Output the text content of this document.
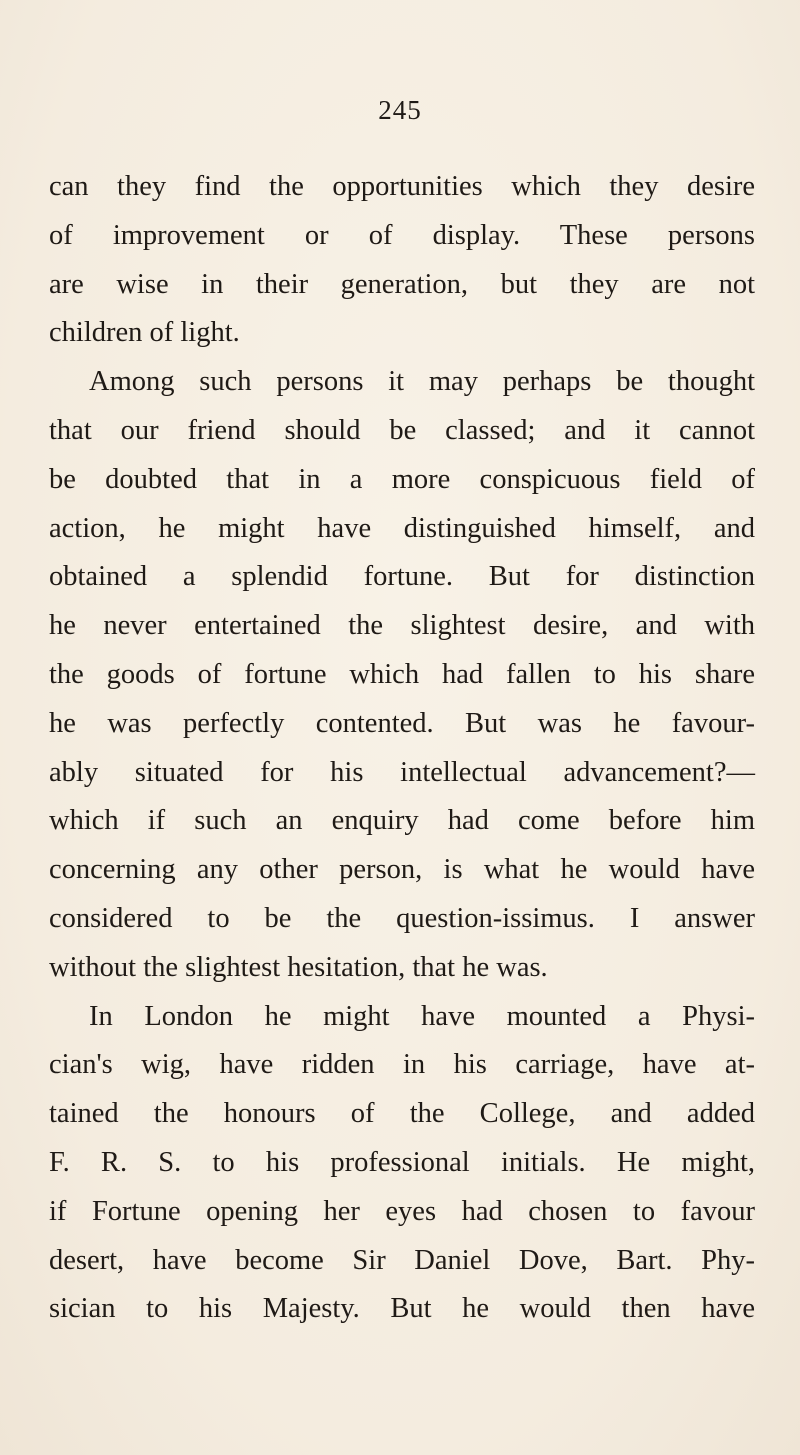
245
can they find the opportunities which they desire
of improvement or of display. These persons
are wise in their generation, but they are not
children of light.
Among such persons it may perhaps be thought
that our friend should be classed; and it cannot
be doubted that in a more conspicuous field of
action, he might have distinguished himself, and
obtained a splendid fortune. But for distinction
he never entertained the slightest desire, and with
the goods of fortune which had fallen to his share
he was perfectly contented. But was he favour-
ably situated for his intellectual advancement?—
which if such an enquiry had come before him
concerning any other person, is what he would have
considered to be the question-issimus. I answer
without the slightest hesitation, that he was.
In London he might have mounted a Physi-
cian's wig, have ridden in his carriage, have at-
tained the honours of the College, and added
F. R. S. to his professional initials. He might,
if Fortune opening her eyes had chosen to favour
desert, have become Sir Daniel Dove, Bart. Phy-
sician to his Majesty. But he would then have
